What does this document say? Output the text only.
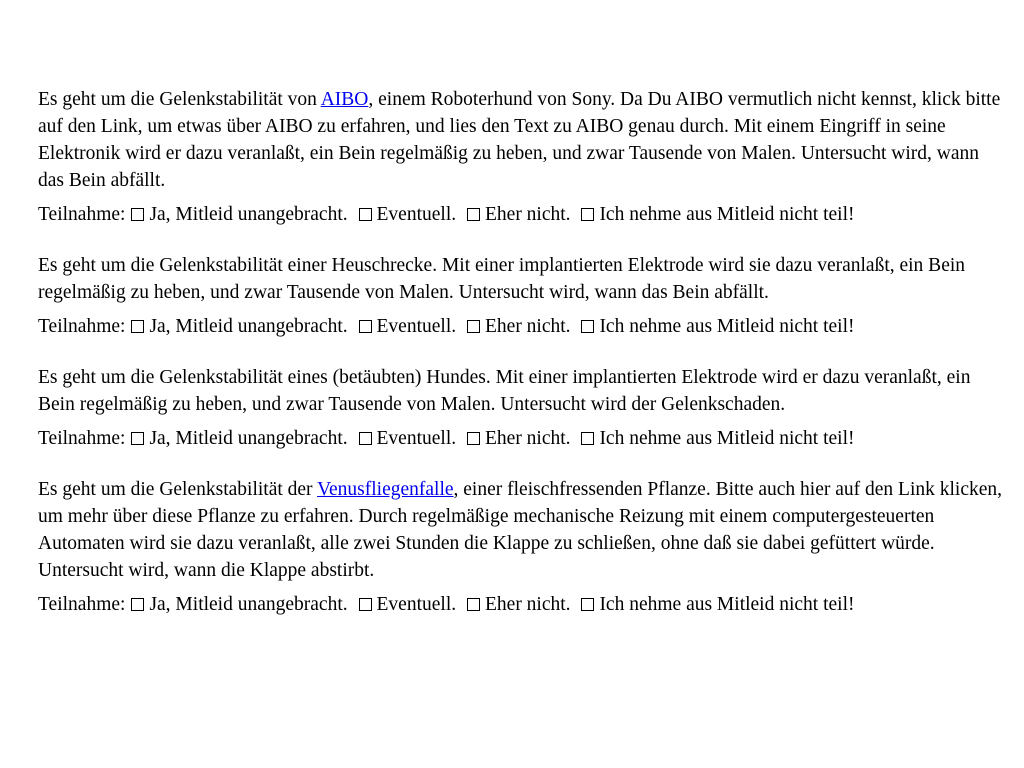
Es geht um die Gelenkstabilität von AIBO, einem Roboterhund von Sony. Da Du AIBO vermutlich nicht kennst, klick bitte auf den Link, um etwas über AIBO zu erfahren, und lies den Text zu AIBO genau durch. Mit einem Eingriff in seine Elektronik wird er dazu veranlaßt, ein Bein regelmäßig zu heben, und zwar Tausende von Malen. Untersucht wird, wann das Bein abfällt.

Teilnahme: Ja, Mitleid unangebracht. Eventuell. Eher nicht. Ich nehme aus Mitleid nicht teil!

Es geht um die Gelenkstabilität einer Heuschrecke. Mit einer implantierten Elektrode wird sie dazu veranlaßt, ein Bein regelmäßig zu heben, und zwar Tausende von Malen. Untersucht wird, wann das Bein abfällt.

Teilnahme: Ja, Mitleid unangebracht. Eventuell. Eher nicht. Ich nehme aus Mitleid nicht teil!

Es geht um die Gelenkstabilität eines (betäubten) Hundes. Mit einer implantierten Elektrode wird er dazu veranlaßt, ein Bein regelmäßig zu heben, und zwar Tausende von Malen. Untersucht wird der Gelenkschaden.

Teilnahme: Ja, Mitleid unangebracht. Eventuell. Eher nicht. Ich nehme aus Mitleid nicht teil!

Es geht um die Gelenkstabilität der Venusfliegenfalle, einer fleischfressenden Pflanze. Bitte auch hier auf den Link klicken, um mehr über diese Pflanze zu erfahren. Durch regelmäßige mechanische Reizung mit einem computergesteuerten Automaten wird sie dazu veranlaßt, alle zwei Stunden die Klappe zu schließen, ohne daß sie dabei gefüttert würde. Untersucht wird, wann die Klappe abstirbt.

Teilnahme: Ja, Mitleid unangebracht. Eventuell. Eher nicht. Ich nehme aus Mitleid nicht teil!
